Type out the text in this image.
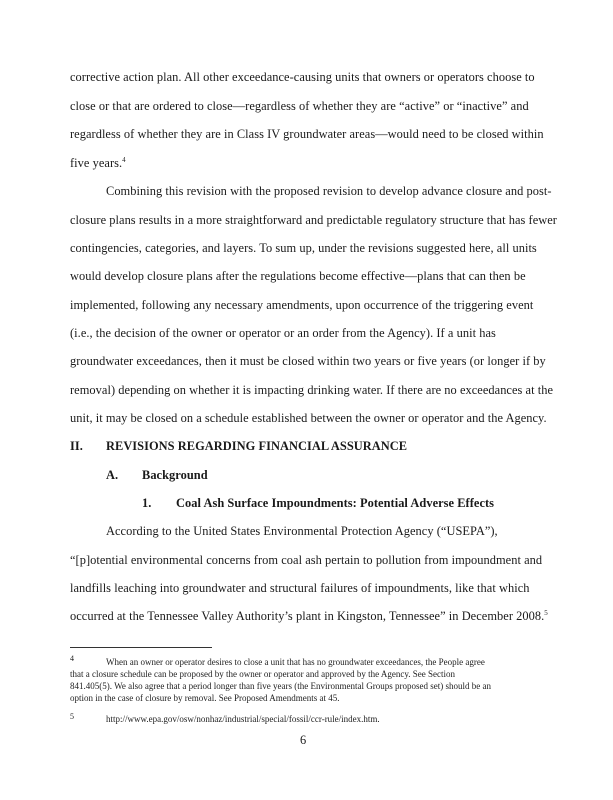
corrective action plan. All other exceedance-causing units that owners or operators choose to
close or that are ordered to close—regardless of whether they are “active” or “inactive” and
regardless of whether they are in Class IV groundwater areas—would need to be closed within
five years.$^4$
Combining this revision with the proposed revision to develop advance closure and post-
closure plans results in a more straightforward and predictable regulatory structure that has fewer
contingencies, categories, and layers. To sum up, under the revisions suggested here, all units
would develop closure plans after the regulations become effective—plans that can then be
implemented, following any necessary amendments, upon occurrence of the triggering event
(i.e., the decision of the owner or operator or an order from the Agency). If a unit has
groundwater exceedances, then it must be closed within two years or five years (or longer if by
removal) depending on whether it is impacting drinking water. If there are no exceedances at the
unit, it may be closed on a schedule established between the owner or operator and the Agency.
II. REVISIONS REGARDING FINANCIAL ASSURANCE
A. Background
1. Coal Ash Surface Impoundments: Potential Adverse Effects
According to the United States Environmental Protection Agency (“USEPA”),
“[p]otential environmental concerns from coal ash pertain to pollution from impoundment and
landfills leaching into groundwater and structural failures of impoundments, like that which
occurred at the Tennessee Valley Authority’s plant in Kingston, Tennessee” in December 2008.$^5$
4	When an owner or operator desires to close a unit that has no groundwater exceedances, the People agree
that a closure schedule can be proposed by the owner or operator and approved by the Agency. See Section
841.405(5). We also agree that a period longer than five years (the Environmental Groups proposed set) should be an
option in the case of closure by removal. See Proposed Amendments at 45.
5	http://www.epa.gov/osw/nonhaz/industrial/special/fossil/ccr-rule/index.htm.
6
